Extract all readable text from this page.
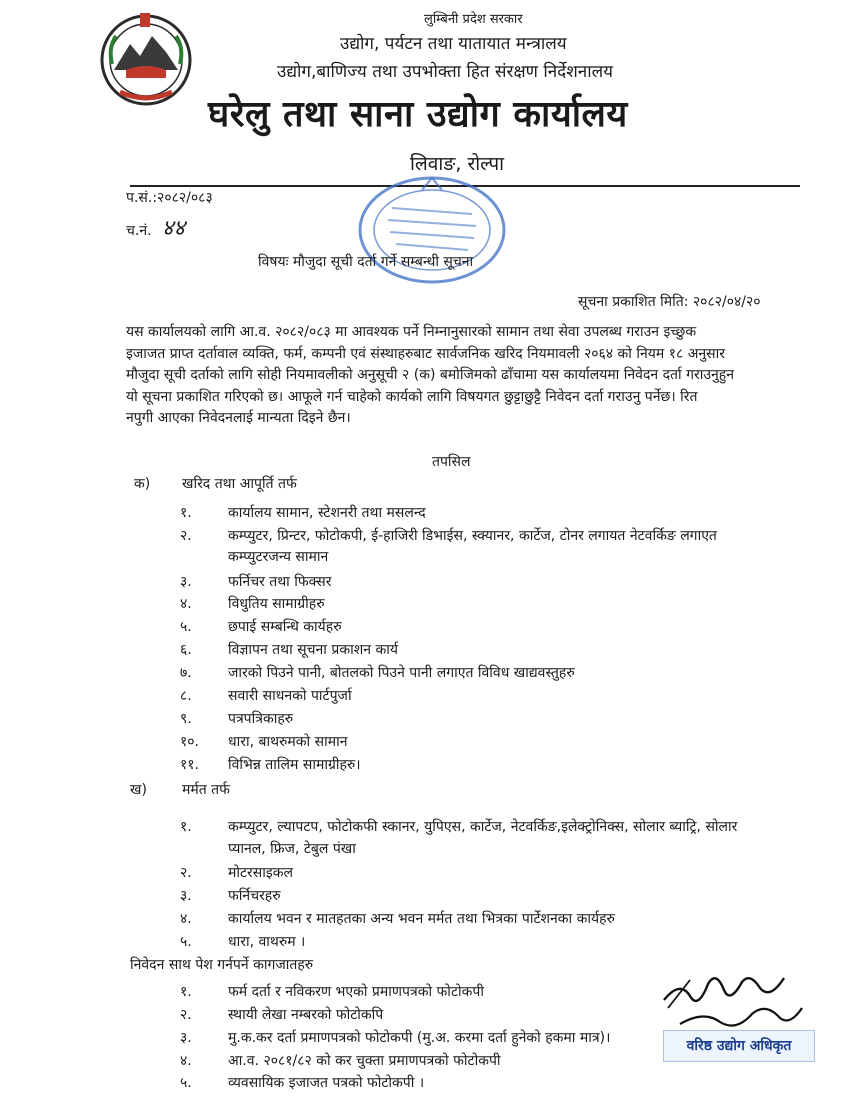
लुम्बिनी प्रदेश सरकार
उद्योग, पर्यटन तथा यातायात मन्त्रालय
उद्योग,बाणिज्य तथा उपभोक्ता हित संरक्षण निर्देशनालय
घरेलु तथा साना उद्योग कार्यालय
लिवाङ, रोल्पा
प.सं.:२०८२/०८३
च.नं. ४४
विषयः मौजुदा सूची दर्ता गर्ने सम्बन्धी सूचना
सूचना प्रकाशित मिति: २०८२/०४/२०

यस कार्यालयको लागि आ.व. २०८२/०८३ मा आवश्यक पर्ने निम्नानुसारको सामान तथा सेवा उपलब्ध गराउन इच्छुक

इजाजत प्राप्त दर्तावाल व्यक्ति, फर्म, कम्पनी एवं संस्थाहरुबाट सार्वजनिक खरिद नियमावली २०६४ को नियम १८ अनुसार

मौजुदा सूची दर्ताको लागि सोही नियमावलीको अनुसूची २ (क) बमोजिमको ढाँचामा यस कार्यालयमा निवेदन दर्ता गराउनुहुन

यो सूचना प्रकाशित गरिएको छ। आफूले गर्न चाहेको कार्यको लागि विषयगत छुट्टाछुट्टै निवेदन दर्ता गराउनु पर्नेछ। रित

नपुगी आएका निवेदनलाई मान्यता दिइने छैन।

तपसिल
क) खरिद तथा आपूर्ति तर्फ
१.	कार्यालय सामान, स्टेशनरी तथा मसलन्द
२.	कम्प्युटर, प्रिन्टर, फोटोकपी, ई-हाजिरी डिभाईस, स्क्यानर, कार्टेज, टोनर लगायत नेटवर्किङ लगाएत
कम्प्युटरजन्य सामान
३.	फर्निचर तथा फिक्सर
४.	विधुतिय सामाग्रीहरु
५.	छपाई सम्बन्धि कार्यहरु
६.	विज्ञापन तथा सूचना प्रकाशन कार्य
७.	जारको पिउने पानी, बोतलको पिउने पानी लगाएत विविध खाद्यवस्तुहरु
८.	सवारी साधनको पार्टपुर्जा
९.	पत्रपत्रिकाहरु
१०. धारा, बाथरुमको सामान
११. विभिन्न तालिम सामाग्रीहरु।
ख)	मर्मत तर्फ
१.	कम्प्युटर, ल्यापटप, फोटोकफी स्कानर, युपिएस, कार्टेज, नेटवर्किङ,इलेक्ट्रोनिक्स, सोलार ब्याट्रि, सोलार
प्यानल, फ्रिज, टेबुल पंखा
२.	मोटरसाइकल
३.	फर्निचरहरु
४.	कार्यालय भवन र मातहतका अन्य भवन मर्मत तथा भित्रका पार्टेशनका कार्यहरु
५.	धारा, वाथरुम ।
निवेदन साथ पेश गर्नपर्ने कागजातहरु
१.	फर्म दर्ता र नविकरण भएको प्रमाणपत्रको फोटोकपी
२.	स्थायी लेखा नम्बरको फोटोकपि
३.	मु.क.कर दर्ता प्रमाणपत्रको फोटोकपी (मु.अ. करमा दर्ता हुनेको हकमा मात्र)।
४.	आ.व. २०८१/८२ को कर चुक्ता प्रमाणपत्रको फोटोकपी
५.	व्यवसायिक इजाजत पत्रको फोटोकपी ।
वरिष्ठ उद्योग अधिकृत
